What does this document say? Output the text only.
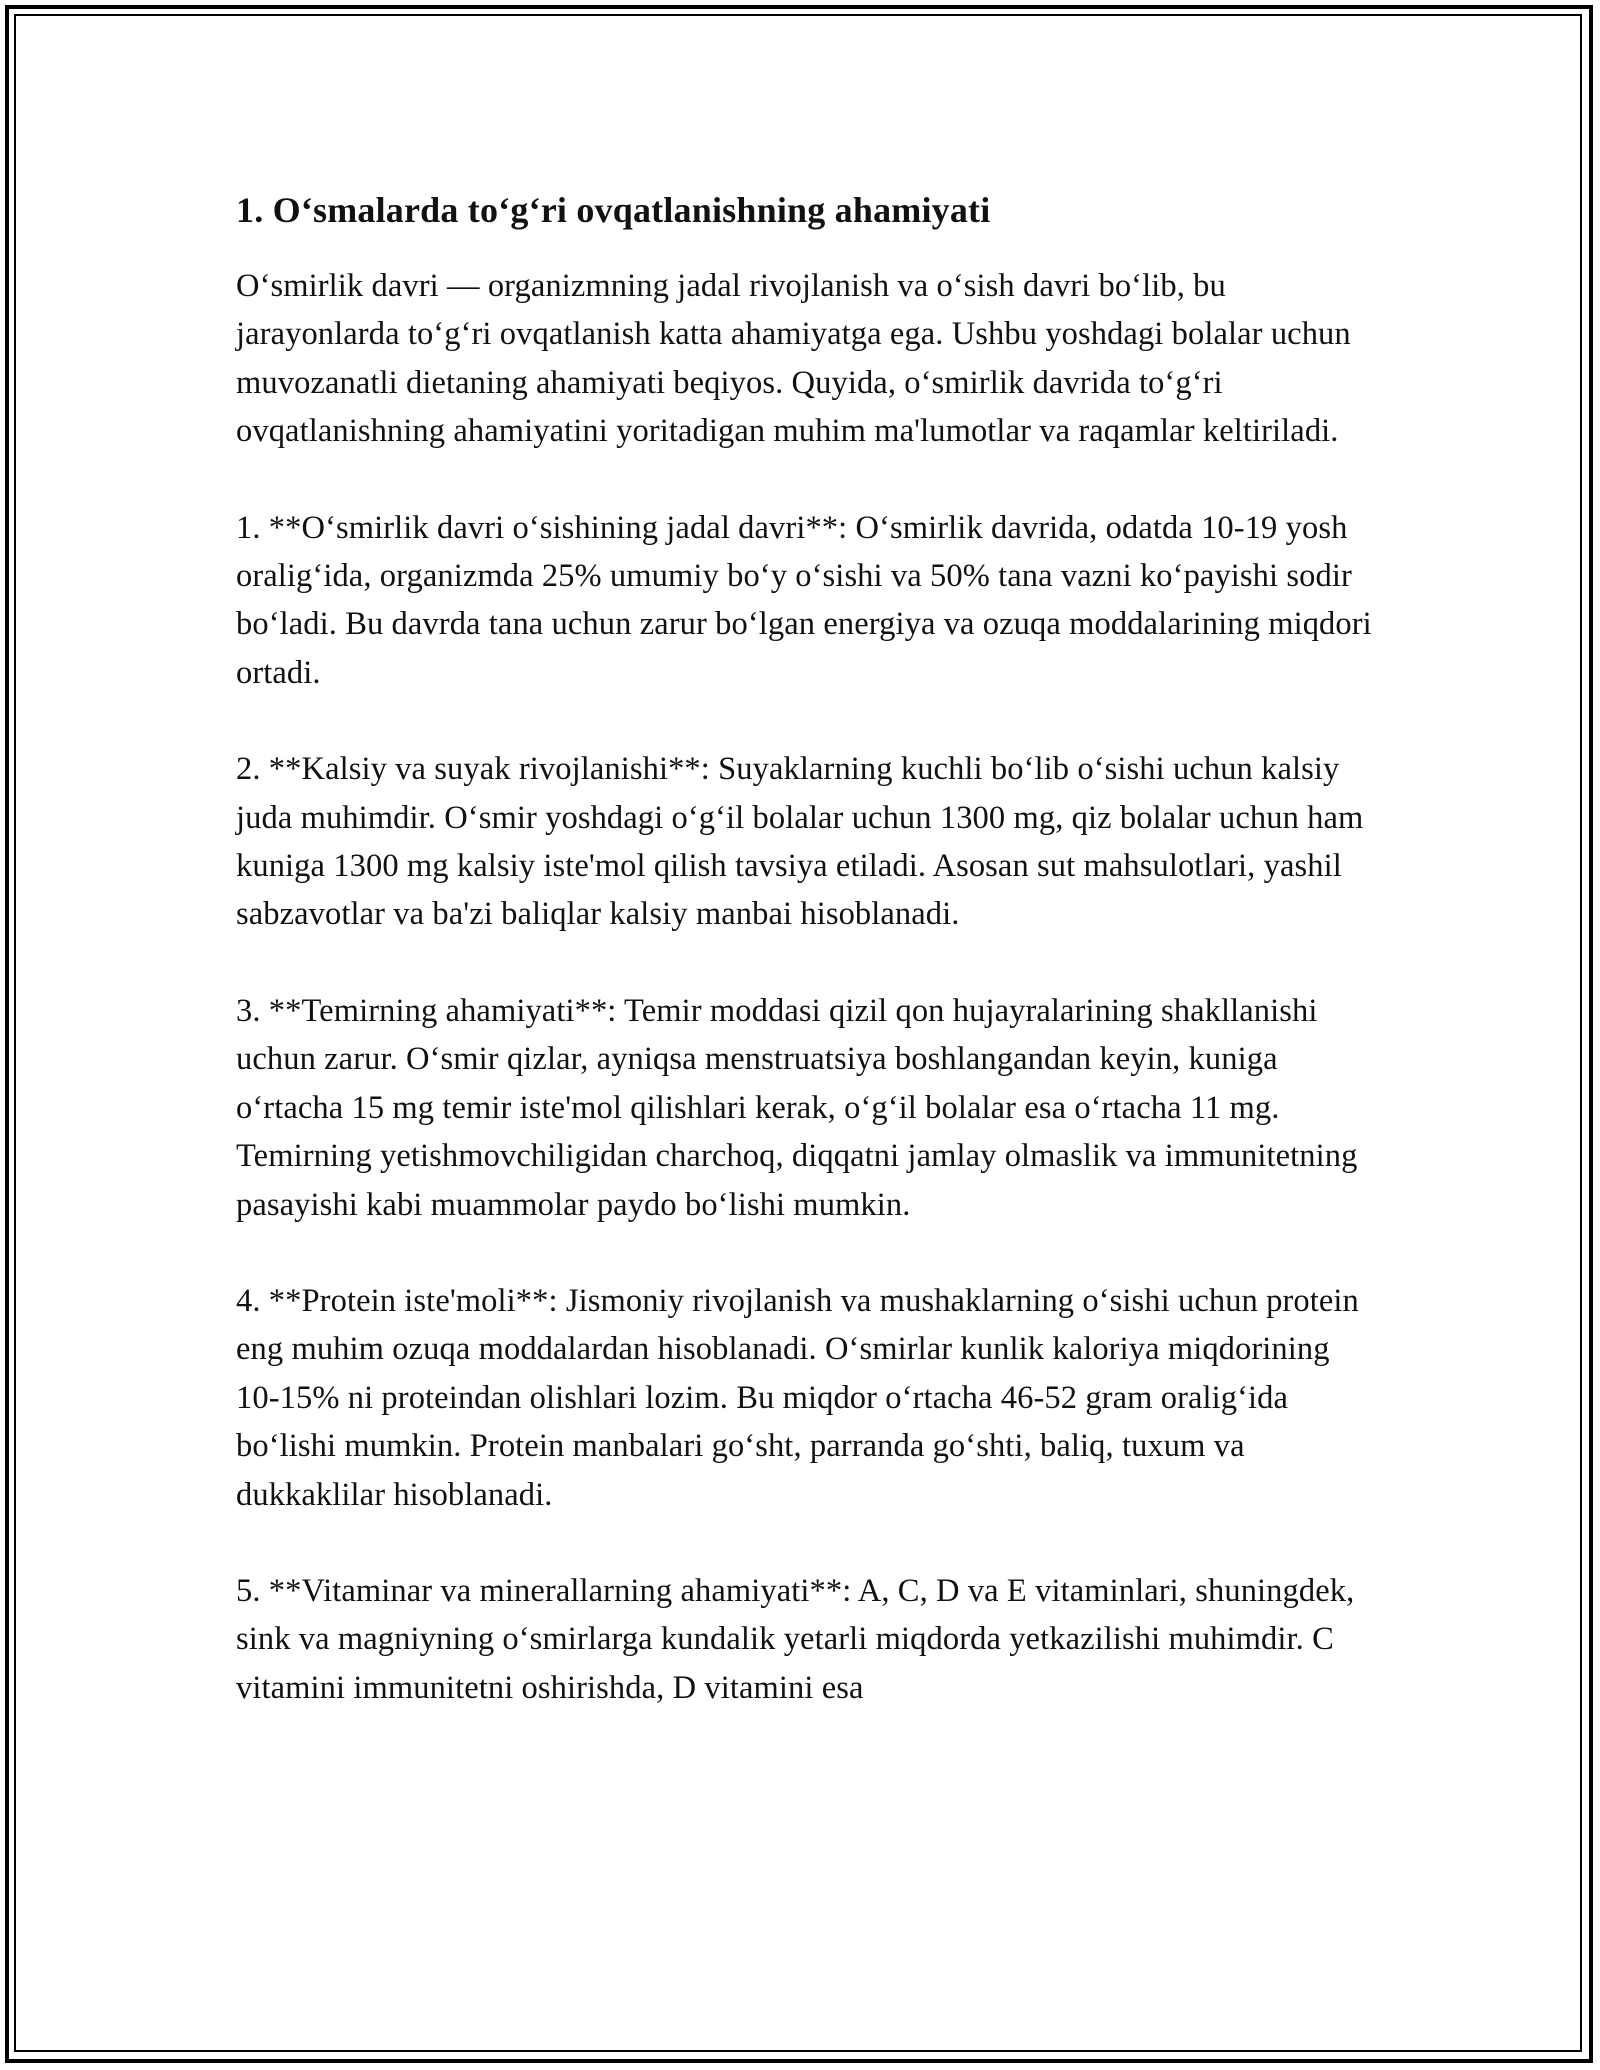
1. O‘smalarda to‘g‘ri ovqatlanishning ahamiyati

O‘smirlik davri — organizmning jadal rivojlanish va o‘sish davri bo‘lib, bu jarayonlarda to‘g‘ri ovqatlanish katta ahamiyatga ega. Ushbu yoshdagi bolalar uchun muvozanatli dietaning ahamiyati beqiyos. Quyida, o‘smirlik davrida to‘g‘ri ovqatlanishning ahamiyatini yoritadigan muhim ma'lumotlar va raqamlar keltiriladi.

1. **O‘smirlik davri o‘sishining jadal davri**: O‘smirlik davrida, odatda 10-19 yosh oralig‘ida, organizmda 25% umumiy bo‘y o‘sishi va 50% tana vazni ko‘payishi sodir bo‘ladi. Bu davrda tana uchun zarur bo‘lgan energiya va ozuqa moddalarining miqdori ortadi.

2. **Kalsiy va suyak rivojlanishi**: Suyaklarning kuchli bo‘lib o‘sishi uchun kalsiy juda muhimdir. O‘smir yoshdagi o‘g‘il bolalar uchun 1300 mg, qiz bolalar uchun ham kuniga 1300 mg kalsiy iste'mol qilish tavsiya etiladi. Asosan sut mahsulotlari, yashil sabzavotlar va ba'zi baliqlar kalsiy manbai hisoblanadi.

3. **Temirning ahamiyati**: Temir moddasi qizil qon hujayralarining shakllanishi uchun zarur. O‘smir qizlar, ayniqsa menstruatsiya boshlangandan keyin, kuniga o‘rtacha 15 mg temir iste'mol qilishlari kerak, o‘g‘il bolalar esa o‘rtacha 11 mg. Temirning yetishmovchiligidan charchoq, diqqatni jamlay olmaslik va immunitetning pasayishi kabi muammolar paydo bo‘lishi mumkin.

4. **Protein iste'moli**: Jismoniy rivojlanish va mushaklarning o‘sishi uchun protein eng muhim ozuqa moddalardan hisoblanadi. O‘smirlar kunlik kaloriya miqdorining 10-15% ni proteindan olishlari lozim. Bu miqdor o‘rtacha 46-52 gram oralig‘ida bo‘lishi mumkin. Protein manbalari go‘sht, parranda go‘shti, baliq, tuxum va dukkaklilar hisoblanadi.

5. **Vitaminar va minerallarning ahamiyati**: A, C, D va E vitaminlari, shuningdek, sink va magniyning o‘smirlarga kundalik yetarli miqdorda yetkazilishi muhimdir. C vitamini immunitetni oshirishda, D vitamini esa
